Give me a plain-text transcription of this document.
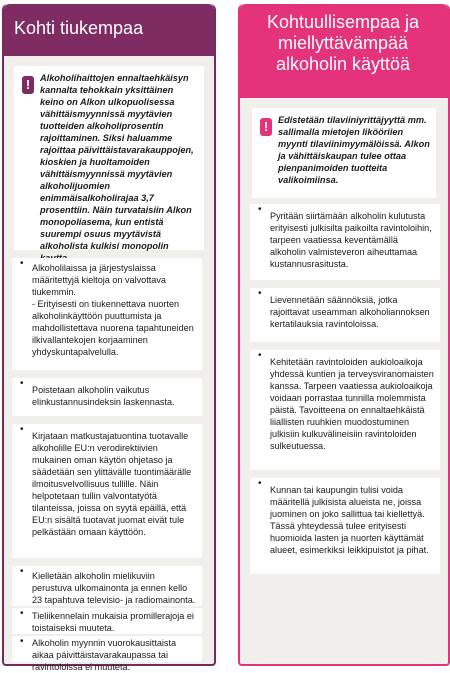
Kohti tiukempaa
!	Alkoholihaittojen ennaltaehkäisyn kannalta tehokkain yksittäinen keino on Alkon ulkopuolisessa vähittäismyynnissä myytävien tuotteiden alkoholiprosentin rajoittaminen. Siksi haluamme rajoittaa päivittäistavarakauppojen, kioskien ja huoltamoiden vähittäismyynnissä myytävien alkoholijuomien enimmäisalkoholirajaa 3,7 prosenttiin. Näin turvataisiin Alkon monopoliasema, kun entistä suurempi osuus myytävistä alkoholista kulkisi monopolin

• Alkoholilaissa ja järjestyslaissa määritettyjä kieltoja on valvottava tiukemmin.
- Erityisesti on tiukennettava nuorten alkoholinkäyttöön puuttumista ja mahdollistettava nuorena tapahtuneiden ilkivallantekojen korjaaminen yhdyskuntapalvelulla.
•
Poistetaan alkoholin vaikutus elinkustannusindeksin laskennasta.
•
Kirjataan matkustajatuontina tuotavalle alkoholille EU:n verodirektiivien mukainen oman käytön ohjetaso ja säädetään sen ylittävälle tuontimäärälle ilmoitusvelvollisuus tullille. Näin helpotetaan tullin valvontatyötä tilanteissa, joissa on syytä epäillä, että EU:n sisältä tuotavat juomat eivät tule pelkästään omaan käyttöön.
• Kielletään alkoholin mielikuviin perustuva ulkomainonta ja ennen kello 23 tapahtuva televisio- ja radiomainonta.
• Tieliikennelain mukaisia promillerajoja ei toistaiseksi muuteta.
• Alkoholin myynnin vuorokausittaista aikaa päivittäistavarakaupassa tai ravintoloissa ei muuteta.
Kohtuullisempaa ja miellyttävämpää alkoholin käyttöä
!	Edistetään tilaviiniyrittäjyyttä mm. sallimalla mietojen likööriien myynti tilaviinimyymälöissä. Alkon ja vähittäiskaupan tulee ottaa pienpanimoiden tuotteita valikoimiinsa.

•
Pyritään siirtämään alkoholin kulutusta erityisesti julkisilta paikoilta ravintoloihin, tarpeen vaatiessa keventämällä alkoholin valmisteveron aiheuttamaa kustannusrasitusta.
•
Lievennetään säännöksiä, jotka rajoittavat useamman alkoholiannoksen kertatilauksia ravintoloissa.
•
Kehitetään ravintoloiden aukioloaikoja yhdessä kuntien ja terveysviranomaisten kanssa. Tarpeen vaatiessa aukioloaikoja voidaan porrastaa tunnilla molemmista päistä. Tavoitteena on ennaltaehkäistä liiallisten ruuhkien muodostuminen julkisiin kulkuvälineisiin ravintoloiden sulkeutuessa.
•
Kunnan tai kaupungin tulisi voida määritellä julkisista alueista ne, joissa juominen on joko sallittua tai kiellettyä. Tässä yhteydessä tulee erityisesti huomioida lasten ja nuorten käyttämät alueet, esimerkiksi leikkipuistot ja pihat.
